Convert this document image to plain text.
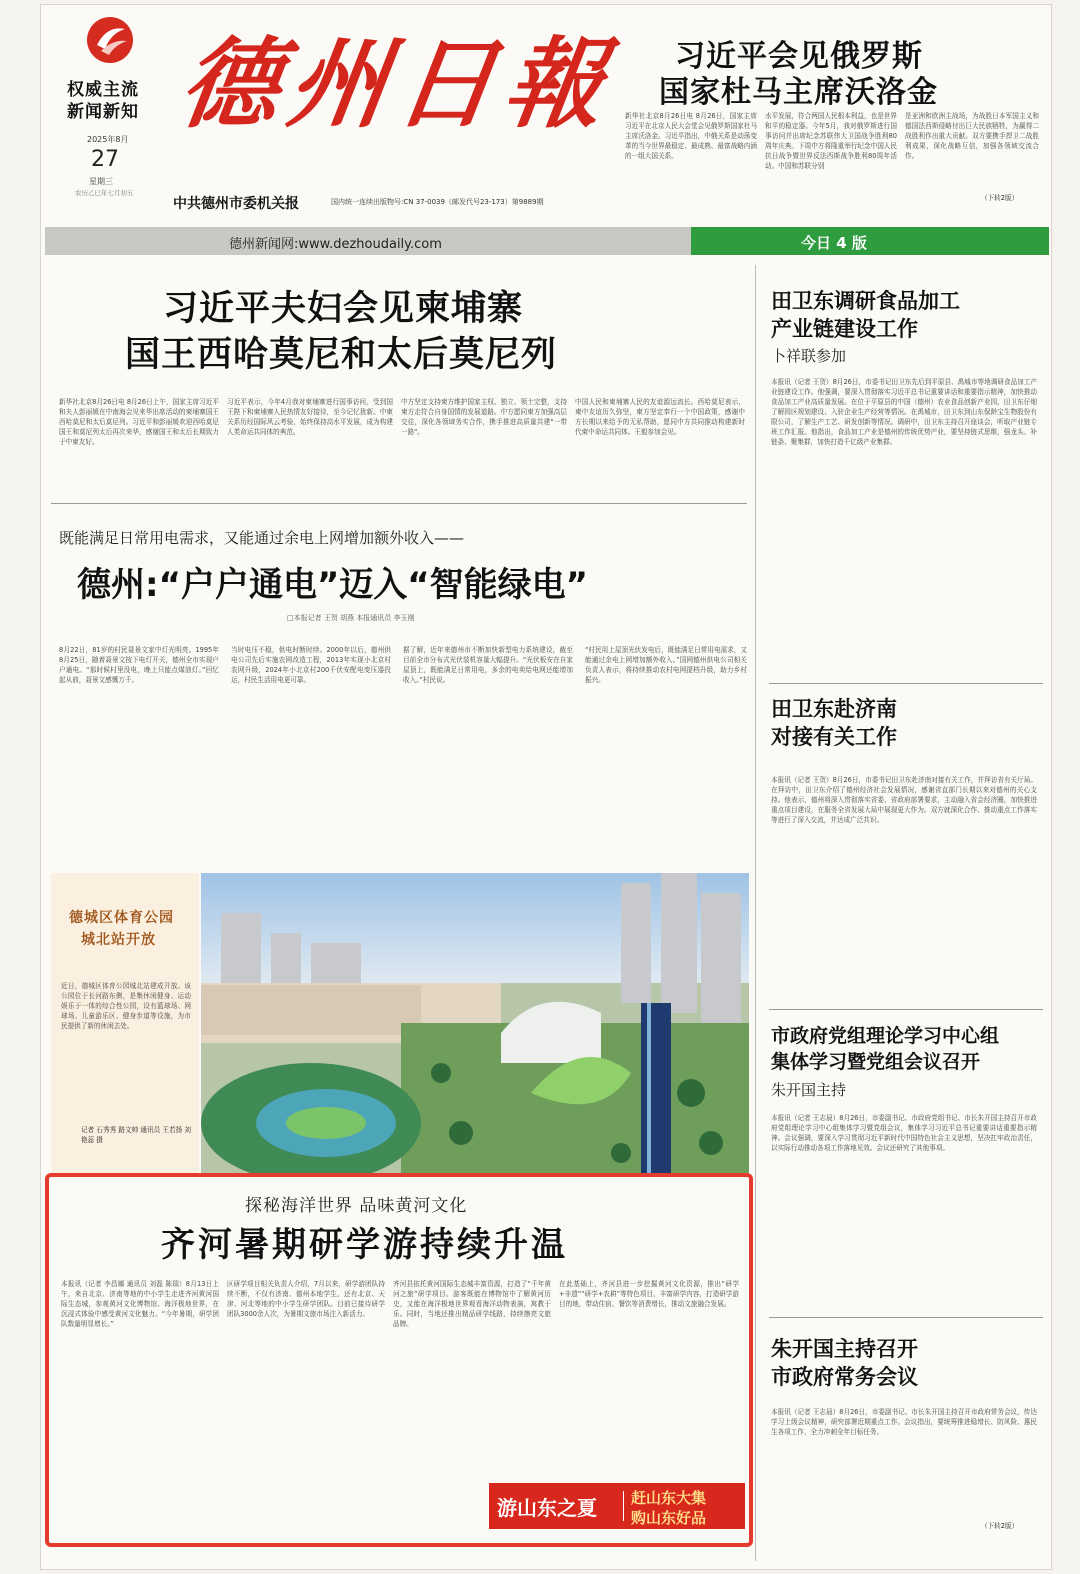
权威主流
新闻新知
2025年8月
27
星期三
农历乙巳年七月初五
德州日報 习近平会见俄罗斯
国家杜马主席沃洛金
新华社北京8月26日电 8月26日，国家主席习近平在北京人民大会堂会见俄罗斯国家杜马主席沃洛金。习近平指出，中俄关系是动荡变革的当今世界最稳定、最成熟、最富战略内涵的一组大国关系。
水平发展，符合两国人民根本利益，也是世界和平的稳定器。今年5月，我对俄罗斯进行国事访问并出席纪念苏联伟大卫国战争胜利80周年庆典。下周中方将隆重举行纪念中国人民抗日战争暨世界反法西斯战争胜利80周年活动。中国和苏联分别
是亚洲和欧洲主战场，为战胜日本军国主义和德国法西斯侵略付出巨大民族牺牲，为赢得二战胜利作出重大贡献。双方要携手捍卫二战胜利成果，深化战略互信，加强各领域交流合作。
（下转2版）
中共德州市委机关报	国内统一连续出版物号:CN 37-0039（邮发代号23-173）第9889期
德州新闻网:www.dezhoudaily.com	今日 4 版
习近平夫妇会见柬埔寨
国王西哈莫尼和太后莫尼列
新华社北京8月26日电 8月26日上午，国家主席习近平和夫人彭丽媛在中南海会见来华出席活动的柬埔寨国王西哈莫尼和太后莫尼列。习近平和彭丽媛欢迎西哈莫尼国王和莫尼列太后再次来华，感谢国王和太后长期致力于中柬友好。
习近平表示，今年4月我对柬埔寨进行国事访问，受到国王陛下和柬埔寨人民热情友好接待，至今记忆犹新。中柬关系历经国际风云考验，始终保持高水平发展，成为构建人类命运共同体的典范。
中方坚定支持柬方维护国家主权、独立、领土完整，支持柬方走符合自身国情的发展道路。中方愿同柬方加强高层交往，深化各领域务实合作，携手推进高质量共建"一带一路"。
中国人民和柬埔寨人民的友谊源远流长。西哈莫尼表示，柬中友谊历久弥坚，柬方坚定奉行一个中国政策，感谢中方长期以来给予的无私帮助，愿同中方共同推动构建新时代柬中命运共同体。王毅参加会见。
既能满足日常用电需求，又能通过余电上网增加额外收入——
德州:“户户通电”迈入“智能绿电”
□本报记者 王贺 胡燕 本报通讯员 李玉刚
8月22日，81岁的村民聂景文家中灯光明亮。1995年8月25日，随着聂景文按下电灯开关，德州全市实现户户通电。“那时候村里没电，晚上只能点煤油灯。”回忆起从前，聂景文感慨万千。
当时电压不稳，供电时断时续。2000年以后，德州供电公司先后实施农网改造工程，2013年实现小北京村农网升级，2024年小北京村200千伏安配电变压器投运，村民生活用电更可靠。
据了解，近年来德州市不断加快新型电力系统建设，截至目前全市分布式光伏装机容量大幅提升。“光伏板安在自家屋顶上，既能满足日常用电，多余的电卖给电网还能增加收入。”村民说。
“村民用上屋顶光伏发电后，既能满足日常用电需求，又能通过余电上网增加额外收入。”国网德州供电公司相关负责人表示，将持续推动农村电网提档升级，助力乡村振兴。
德城区体育公园
城北站开放
近日，德城区体育公园城北站建成开放。该公园位于长河路东侧，是集休闲健身、运动娱乐于一体的综合性公园，设有篮球场、网球场、儿童游乐区、健身步道等设施，为市民提供了新的休闲去处。
记者 石秀秀 路文帅 通讯员 王若扬 刘艳蕊 摄
探秘海洋世界 品味黄河文化
齐河暑期研学游持续升温
本报讯（记者 李昌娜 通讯员 刘磊 陈瑞）8月13日上午，来自北京、济南等地的中小学生走进齐河黄河国际生态城，参观黄河文化博物馆、海洋极地世界，在沉浸式体验中感受黄河文化魅力。“今年暑期，研学团队数量明显增长。”
区研学项目相关负责人介绍，7月以来，研学游团队持续不断，不仅有济南、德州本地学生，还有北京、天津、河北等地的中小学生研学团队。目前已接待研学团队3000余人次，为暑期文旅市场注入新活力。
齐河县依托黄河国际生态城丰富资源，打造了“千年黄河之旅”研学项目。游客既能在博物馆中了解黄河历史，又能在海洋极地世界观看海洋动物表演，寓教于乐。同时，当地还推出精品研学线路，持续擦亮文旅品牌。
在此基础上，齐河县进一步挖掘黄河文化资源，推出“研学+非遗”“研学+农耕”等特色项目，丰富研学内容，打造研学游目的地，带动住宿、餐饮等消费增长，推动文旅融合发展。
游山东之夏 赶山东大集
购山东好品
田卫东调研食品加工
产业链建设工作
卜祥联参加
本报讯（记者 王贺）8月26日，市委书记田卫东先后到平原县、禹城市等地调研食品加工产业链建设工作。他强调，要深入贯彻落实习近平总书记重要讲话和重要指示精神，加快推动食品加工产业高质量发展。在位于平原县的中国（德州）农业食品创新产业园，田卫东仔细了解园区规划建设、入驻企业生产经营等情况。在禹城市，田卫东到山东保龄宝生物股份有限公司，了解生产工艺、研发创新等情况。调研中，田卫东主持召开座谈会，听取产业链专班工作汇报。他指出，食品加工产业是德州的传统优势产业，要坚持链式思维，强龙头、补链条、聚集群，加快打造千亿级产业集群。
田卫东赴济南
对接有关工作
本报讯（记者 王贺）8月26日，市委书记田卫东赴济南对接有关工作，并拜访省有关厅局。在拜访中，田卫东介绍了德州经济社会发展情况，感谢省直部门长期以来对德州的关心支持。他表示，德州将深入贯彻落实省委、省政府部署要求，主动融入省会经济圈，加快推进重点项目建设，在服务全省发展大局中展现更大作为。双方就深化合作、推动重点工作落实等进行了深入交流，并达成广泛共识。
市政府党组理论学习中心组
集体学习暨党组会议召开
朱开国主持
本报讯（记者 王志晨）8月26日，市委副书记、市政府党组书记、市长朱开国主持召开市政府党组理论学习中心组集体学习暨党组会议，集体学习习近平总书记重要讲话重要指示精神。会议强调，要深入学习贯彻习近平新时代中国特色社会主义思想，坚决扛牢政治责任，以实际行动推动各项工作落地见效。会议还研究了其他事项。
朱开国主持召开
市政府常务会议
本报讯（记者 王志晨）8月26日，市委副书记、市长朱开国主持召开市政府常务会议，传达学习上级会议精神，研究部署近期重点工作。会议指出，要统筹推进稳增长、防风险、惠民生各项工作，全力冲刺全年目标任务。
（下转2版）
